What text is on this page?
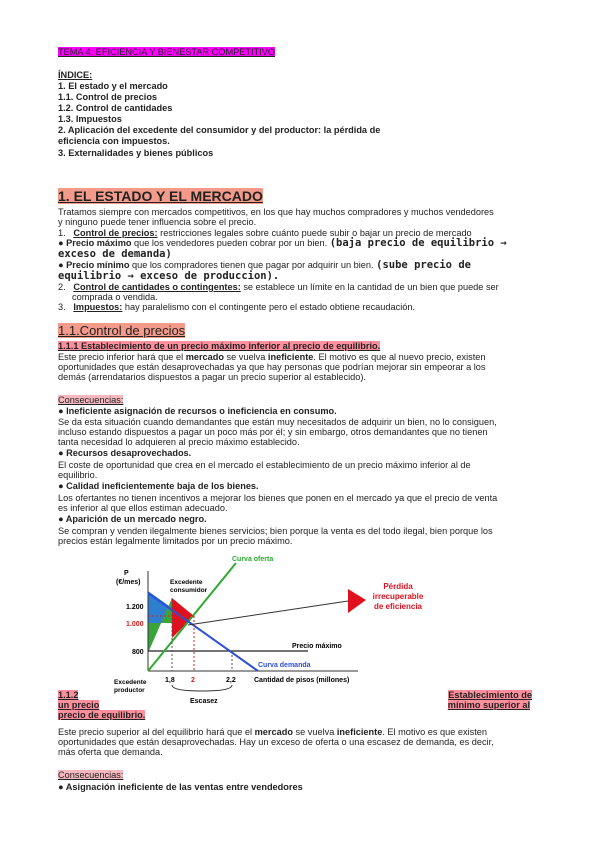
TEMA 4: EFICIENCIA Y BIENESTAR COMPETITIVO
ÍNDICE:
1. El estado y el mercado
1.1. Control de precios
1.2. Control de cantidades
1.3. Impuestos
2. Aplicación del excedente del consumidor y del productor: la pérdida de
eficiencia con impuestos.
3. Externalidades y bienes públicos
1. EL ESTADO Y EL MERCADO
Tratamos siempre con mercados competitivos, en los que hay muchos compradores y muchos vendedores
y ninguno puede tener influencia sobre el precio.
1. Control de precios: restricciones legales sobre cuánto puede subir o bajar un precio de mercado
● Precio máximo que los vendedores pueden cobrar por un bien. (baja precio de equilibrio →
exceso de demanda)
● Precio mínimo que los compradores tienen que pagar por adquirir un bien. (sube precio de
equilibrio → exceso de produccion).
2. Control de cantidades o contingentes: se establece un límite en la cantidad de un bien que puede ser
comprada o vendida.
3. Impuestos: hay paralelismo con el contingente pero el estado obtiene recaudación.
1.1.Control de precios
1.1.1 Establecimiento de un precio máximo inferior al precio de equilibrio.
Este precio inferior hará que el mercado se vuelva ineficiente. El motivo es que al nuevo precio, existen
oportunidades que están desaprovechadas ya que hay personas que podrían mejorar sin empeorar a los
demás (arrendatarios dispuestos a pagar un precio superior al establecido).
Consecuencias:
● Ineficiente asignación de recursos o ineficiencia en consumo.
Se da esta situación cuando demandantes que están muy necesitados de adquirir un bien, no lo consiguen,
incluso estando dispuestos a pagar un poco más por él; y sin embargo, otros demandantes que no tienen
tanta necesidad lo adquieren al precio máximo establecido.
● Recursos desaprovechados.
El coste de oportunidad que crea en el mercado el establecimiento de un precio máximo inferior al de
equilibrio.
● Calidad ineficientemente baja de los bienes.
Los ofertantes no tienen incentivos a mejorar los bienes que ponen en el mercado ya que el precio de venta
es inferior al que ellos estiman adecuado.
● Aparición de un mercado negro.
Se compran y venden ilegalmente bienes servicios; bien porque la venta es del todo ilegal, bien porque los
precios están legalmente limitados por un precio máximo.
P
(€/mes)
1.200
1.000
800
1,8 2	2,2	Cantidad de pisos (millones)
Curva oferta
Curva demanda
Precio máximo
Excedente
consumidor
Excedente
productor
Escasez
Pérdida
irrecuperable
de eficiencia
1.1.2
un precio
precio de equilibrio.
Establecimiento de
mínimo superior al
Este precio superior al del equilibrio hará que el mercado se vuelva ineficiente. El motivo es que existen
oportunidades que están desaprovechadas. Hay un exceso de oferta o una escasez de demanda, es decir,
más oferta que demanda.
Consecuencias:
● Asignación ineficiente de las ventas entre vendedores
